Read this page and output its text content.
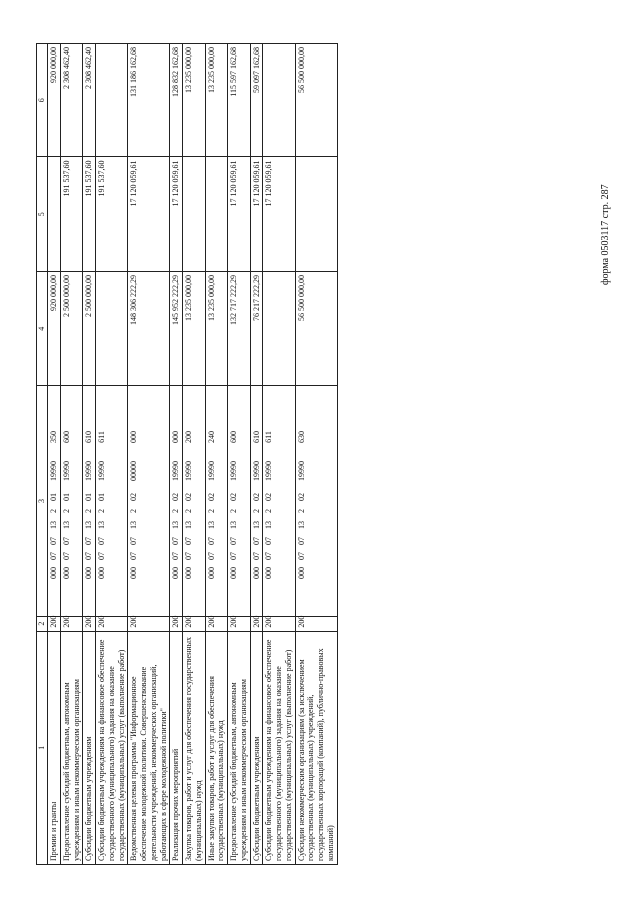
форма 0503117 стр. 287
1	2	3	4	5	6
Премии и гранты	200	00007071320119990350	920 000,00		920 000,00
Предоставление субсидий бюджетным, автономным учреждениям и иным некоммерческим организациям	200	00007071320119990600	2 500 000,00	191 537,60	2 308 462,40
Субсидии бюджетным учреждениям	200	00007071320119990610	2 500 000,00	191 537,60	2 308 462,40
Субсидии бюджетным учреждениям на финансовое обеспечение государственного (муниципального) задания на оказание государственных (муниципальных) услуг (выполнение работ)	200	00007071320119990611		191 537,60	
Ведомственная целевая программа "Информационное обеспечение молодежной политики. Совершенствование деятельности учреждений, некоммерческих организаций, работающих в сфере молодежной политики"	200	00007071320200000000	148 306 222,29	17 120 059,61	131 186 162,68
Реализация прочих мероприятий	200	00007071320219990000	145 952 222,29	17 120 059,61	128 832 162,68
Закупка товаров, работ и услуг для обеспечения государственных (муниципальных) нужд	200	00007071320219990200	13 235 000,00		13 235 000,00
Иные закупки товаров, работ и услуг для обеспечения государственных (муниципальных) нужд	200	00007071320219990240	13 235 000,00		13 235 000,00
Предоставление субсидий бюджетным, автономным учреждениям и иным некоммерческим организациям	200	00007071320219990600	132 717 222,29	17 120 059,61	115 597 162,68
Субсидии бюджетным учреждениям	200	00007071320219990610	76 217 222,29	17 120 059,61	59 097 162,68
Субсидии бюджетным учреждениям на финансовое обеспечение государственного (муниципального) задания на оказание государственных (муниципальных) услуг (выполнение работ)	200	00007071320219990611		17 120 059,61	
Субсидии некоммерческим организациям (за исключением государственных (муниципальных) учреждений, государственных корпораций (компаний), публично-правовых компаний)	200	00007071320219990630	56 500 000,00		56 500 000,00
